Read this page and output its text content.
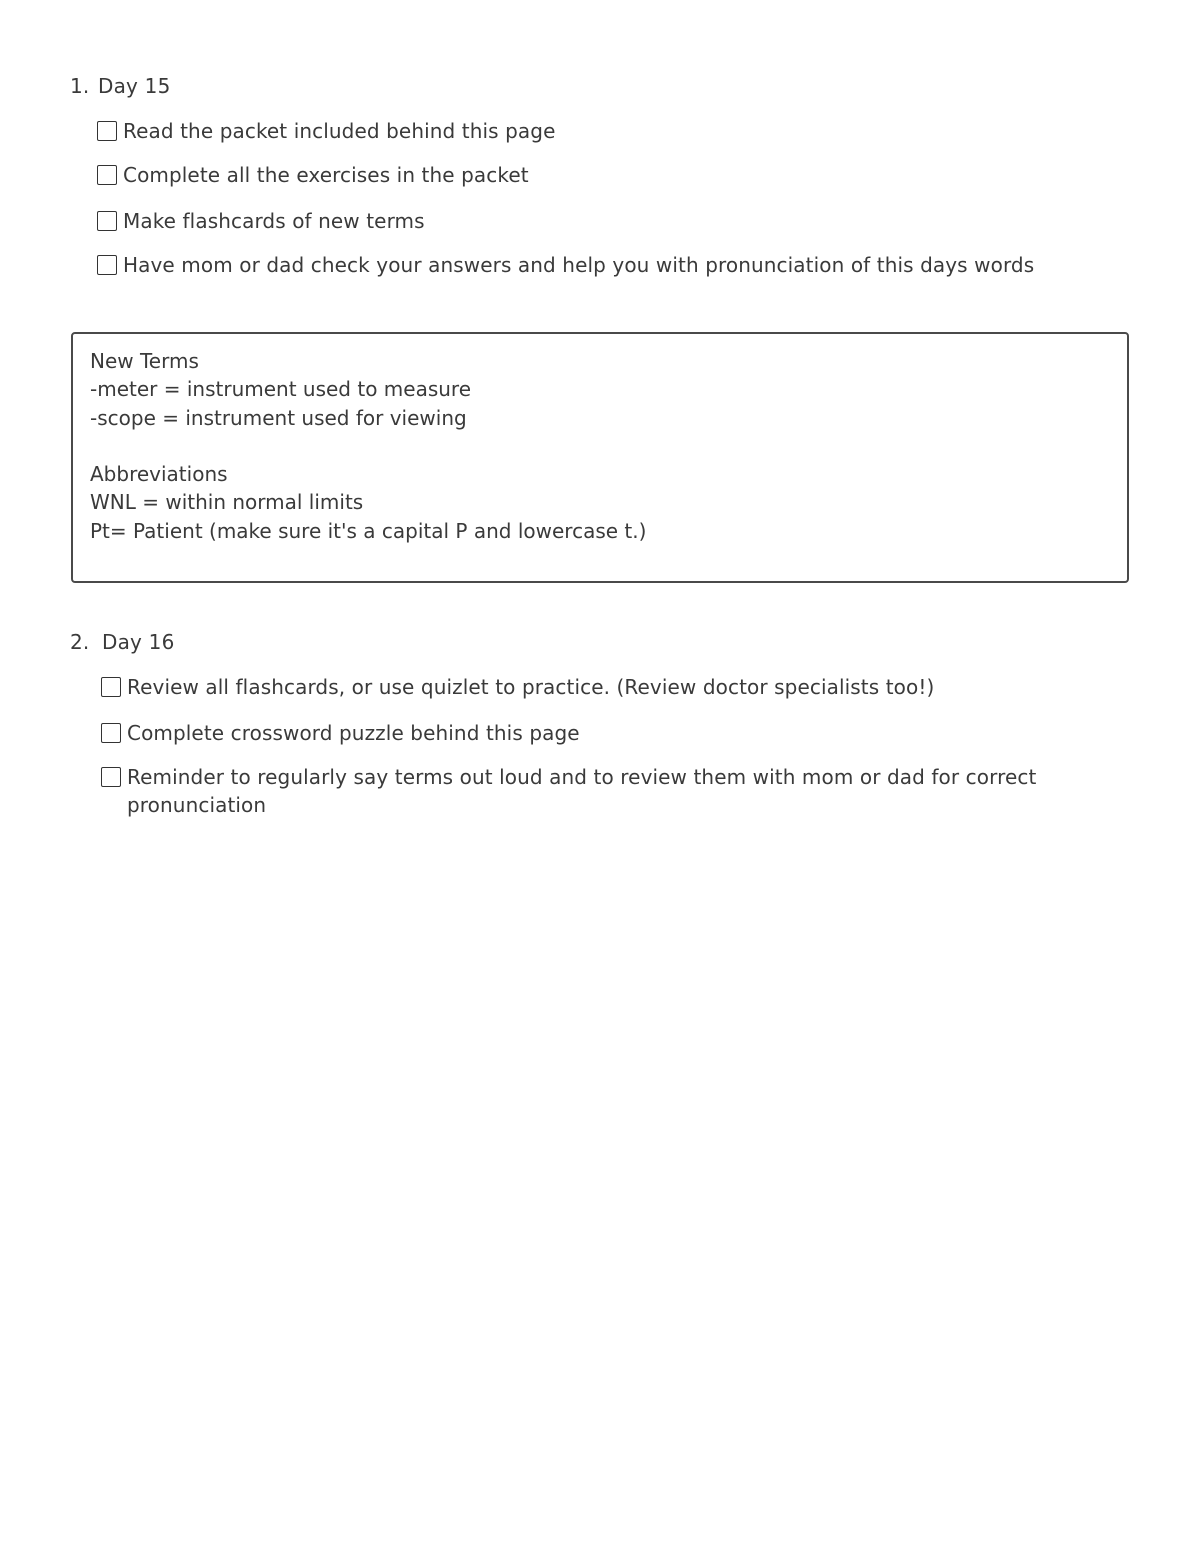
1. Day 15
Read the packet included behind this page
Complete all the exercises in the packet
Make flashcards of new terms
Have mom or dad check your answers and help you with pronunciation of this days words
New Terms
-meter = instrument used to measure
-scope = instrument used for viewing
Abbreviations
WNL = within normal limits
Pt= Patient (make sure it's a capital P and lowercase t.)
2. Day 16
Review all flashcards, or use quizlet to practice. (Review doctor specialists too!)
Complete crossword puzzle behind this page
Reminder to regularly say terms out loud and to review them with mom or dad for correct pronunciation
